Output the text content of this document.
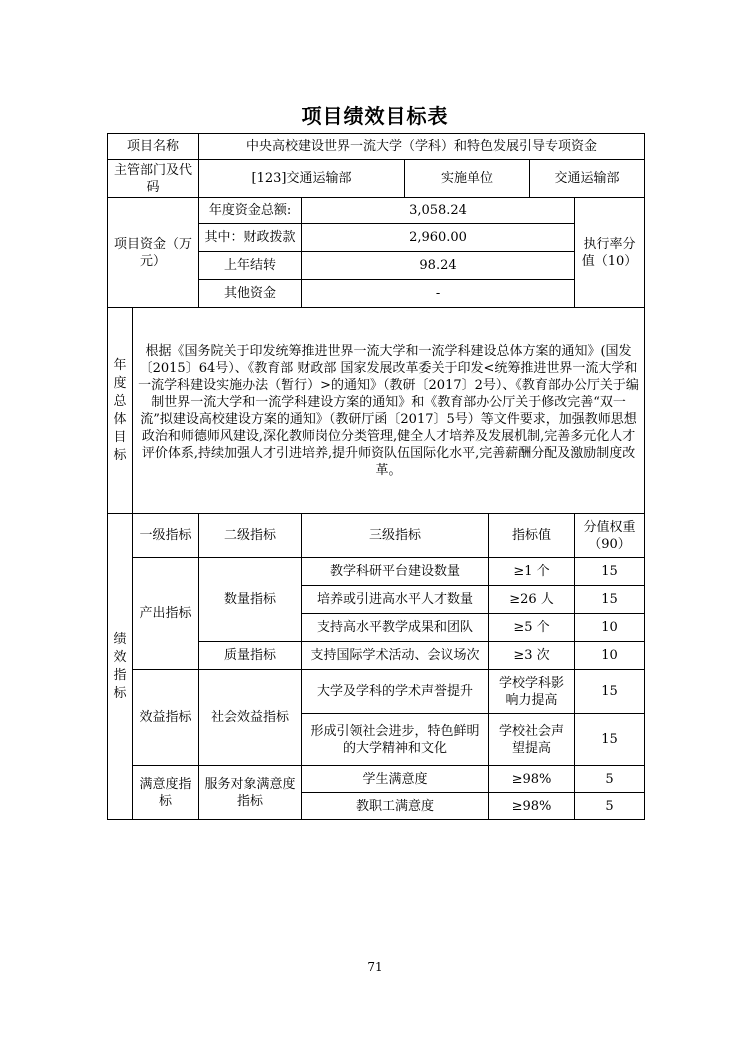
项目绩效目标表
项目名称		中央高校建设世界一流大学（学科）和特色发展引导专项资金					
主管部门及代码		[123]交通运输部		实施单位		交通运输部	
项目资金（万元）		年度资金总额:	3,058.24				执行率分值（10）
		其中：财政拨款	2,960.00				
		上年结转	98.24				
		其他资金	-				

年度总体目标	根据《国务院关于印发统筹推进世界一流大学和一流学科建设总体方案的通知》(国发〔2015〕64号）、《教育部 财政部 国家发展改革委关于印发<统筹推进世界一流大学和一流学科建设实施办法（暂行）>的通知》（教研〔2017〕2号）、《教育部办公厅关于编制世界一流大学和一流学科建设方案的通知》和《教育部办公厅关于修改完善“双一流”拟建设高校建设方案的通知》（教研厅函〔2017〕5号）等文件要求，加强教师思想政治和师德师风建设,深化教师岗位分类管理,健全人才培养及发展机制,完善多元化人才评价体系,持续加强人才引进培养,提升师资队伍国际化水平,完善薪酬分配及激励制度改革。						

绩效指标	一级指标	二级指标	三级指标		指标值		分值权重（90）
	产出指标	数量指标	教学科研平台建设数量		≥1 个		15
			培养或引进高水平人才数量		≥26 人		15
			支持高水平教学成果和团队		≥5 个		10
		质量指标	支持国际学术活动、会议场次		≥3 次		10
	效益指标	社会效益指标	大学及学科的学术声誉提升		学校学科影响力提高		15
			形成引领社会进步，特色鲜明的大学精神和文化		学校社会声望提高		15
	满意度指标	服务对象满意度指标	学生满意度		≥98%		5
			教职工满意度		≥98%		5
71
